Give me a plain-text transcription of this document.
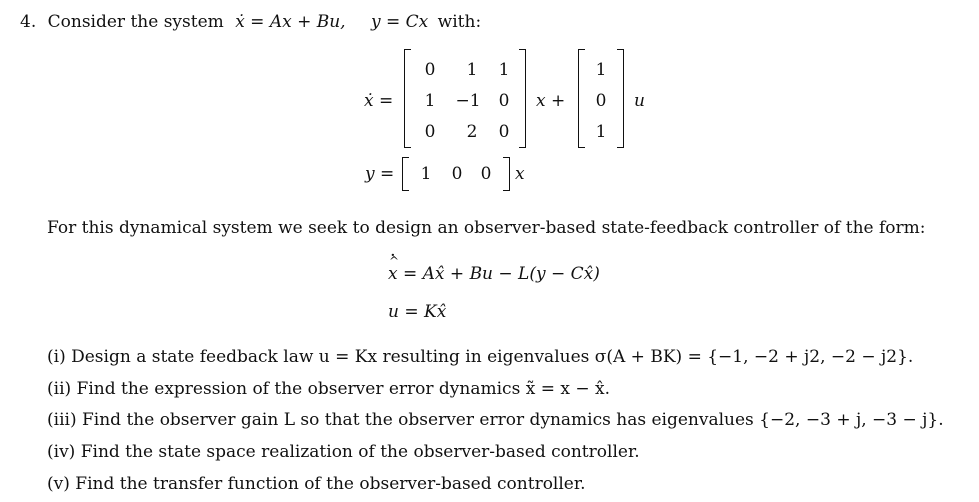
4. Consider the system ẋ = Ax + Bu, y = Cx with:
ẋ =
0	1	1
1	−1	0
0	2	0
x +
1
0
1
u
y =	1	0	0	x
For this dynamical system we seek to design an observer-based state-feedback controller of the form:
· x ^ = Ax̂ + Bu − L(y − Cx̂)
u = Kx̂
(i) Design a state feedback law u = Kx resulting in eigenvalues σ(A + BK) = {−1, −2 + j2, −2 − j2}.
(ii) Find the expression of the observer error dynamics x̃ = x − x̂.
(iii) Find the observer gain L so that the observer error dynamics has eigenvalues {−2, −3 + j, −3 − j}.
(iv) Find the state space realization of the observer-based controller.
(v) Find the transfer function of the observer-based controller.
